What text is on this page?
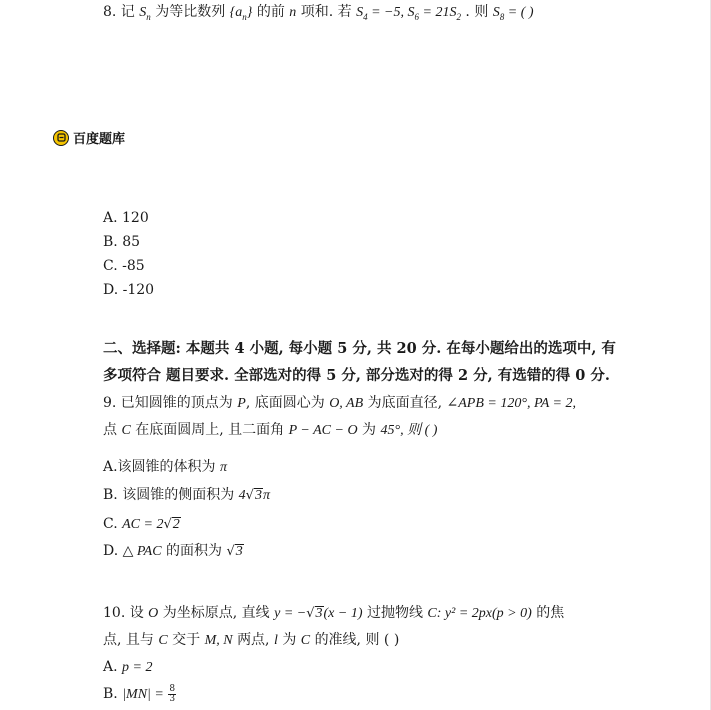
8. 记 $S_n$ 为等比数列 $\{a_n\}$ 的前 n 项和. 若 $S_4 = -5$, $S_6 = 21S_2$ . 则 $S_8$ = ( )
百度题库
A. 120
B. 85
C. -85
D. -120
二、选择题: 本题共 4 小题, 每小题 5 分, 共 20 分. 在每小题给出的选项中, 有
多项符合 题目要求. 全部选对的得 5 分, 部分选对的得 2 分, 有选错的得 0 分.
9. 已知圆锥的顶点为 P, 底面圆心为 O, AB 为底面直径, ∠APB = 120°, PA = 2,
点 C 在底面圆周上, 且二面角 P − AC − O 为 45°, 则 ( )
A.该圆锥的体积为 π
B. 该圆锥的侧面积为 4√3π
C. AC = 2√2
D. △ PAC 的面积为 √3
10. 设 O 为坐标原点, 直线 y = −√3(x − 1) 过抛物线 C: y² = 2px(p > 0) 的焦
点, 且与 C 交于 M, N 两点, l 为 C 的准线, 则 ( )
A. p = 2
B. $|MN| = \frac{8}{3}$
